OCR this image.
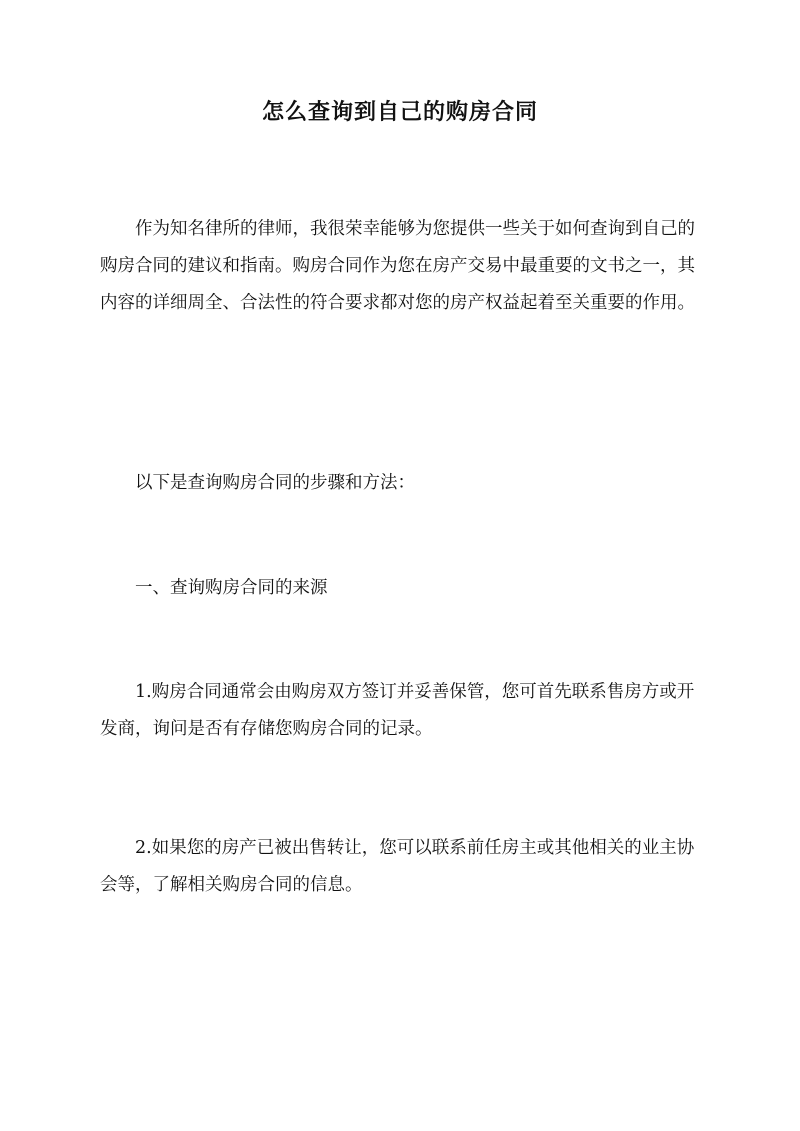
怎么查询到自己的购房合同

作为知名律所的律师，我很荣幸能够为您提供一些关于如何查询到自己的购房合同的建议和指南。购房合同作为您在房产交易中最重要的文书之一，其内容的详细周全、合法性的符合要求都对您的房产权益起着至关重要的作用。

以下是查询购房合同的步骤和方法：

一、查询购房合同的来源

1.购房合同通常会由购房双方签订并妥善保管，您可首先联系售房方或开发商，询问是否有存储您购房合同的记录。

2.如果您的房产已被出售转让，您可以联系前任房主或其他相关的业主协会等，了解相关购房合同的信息。
